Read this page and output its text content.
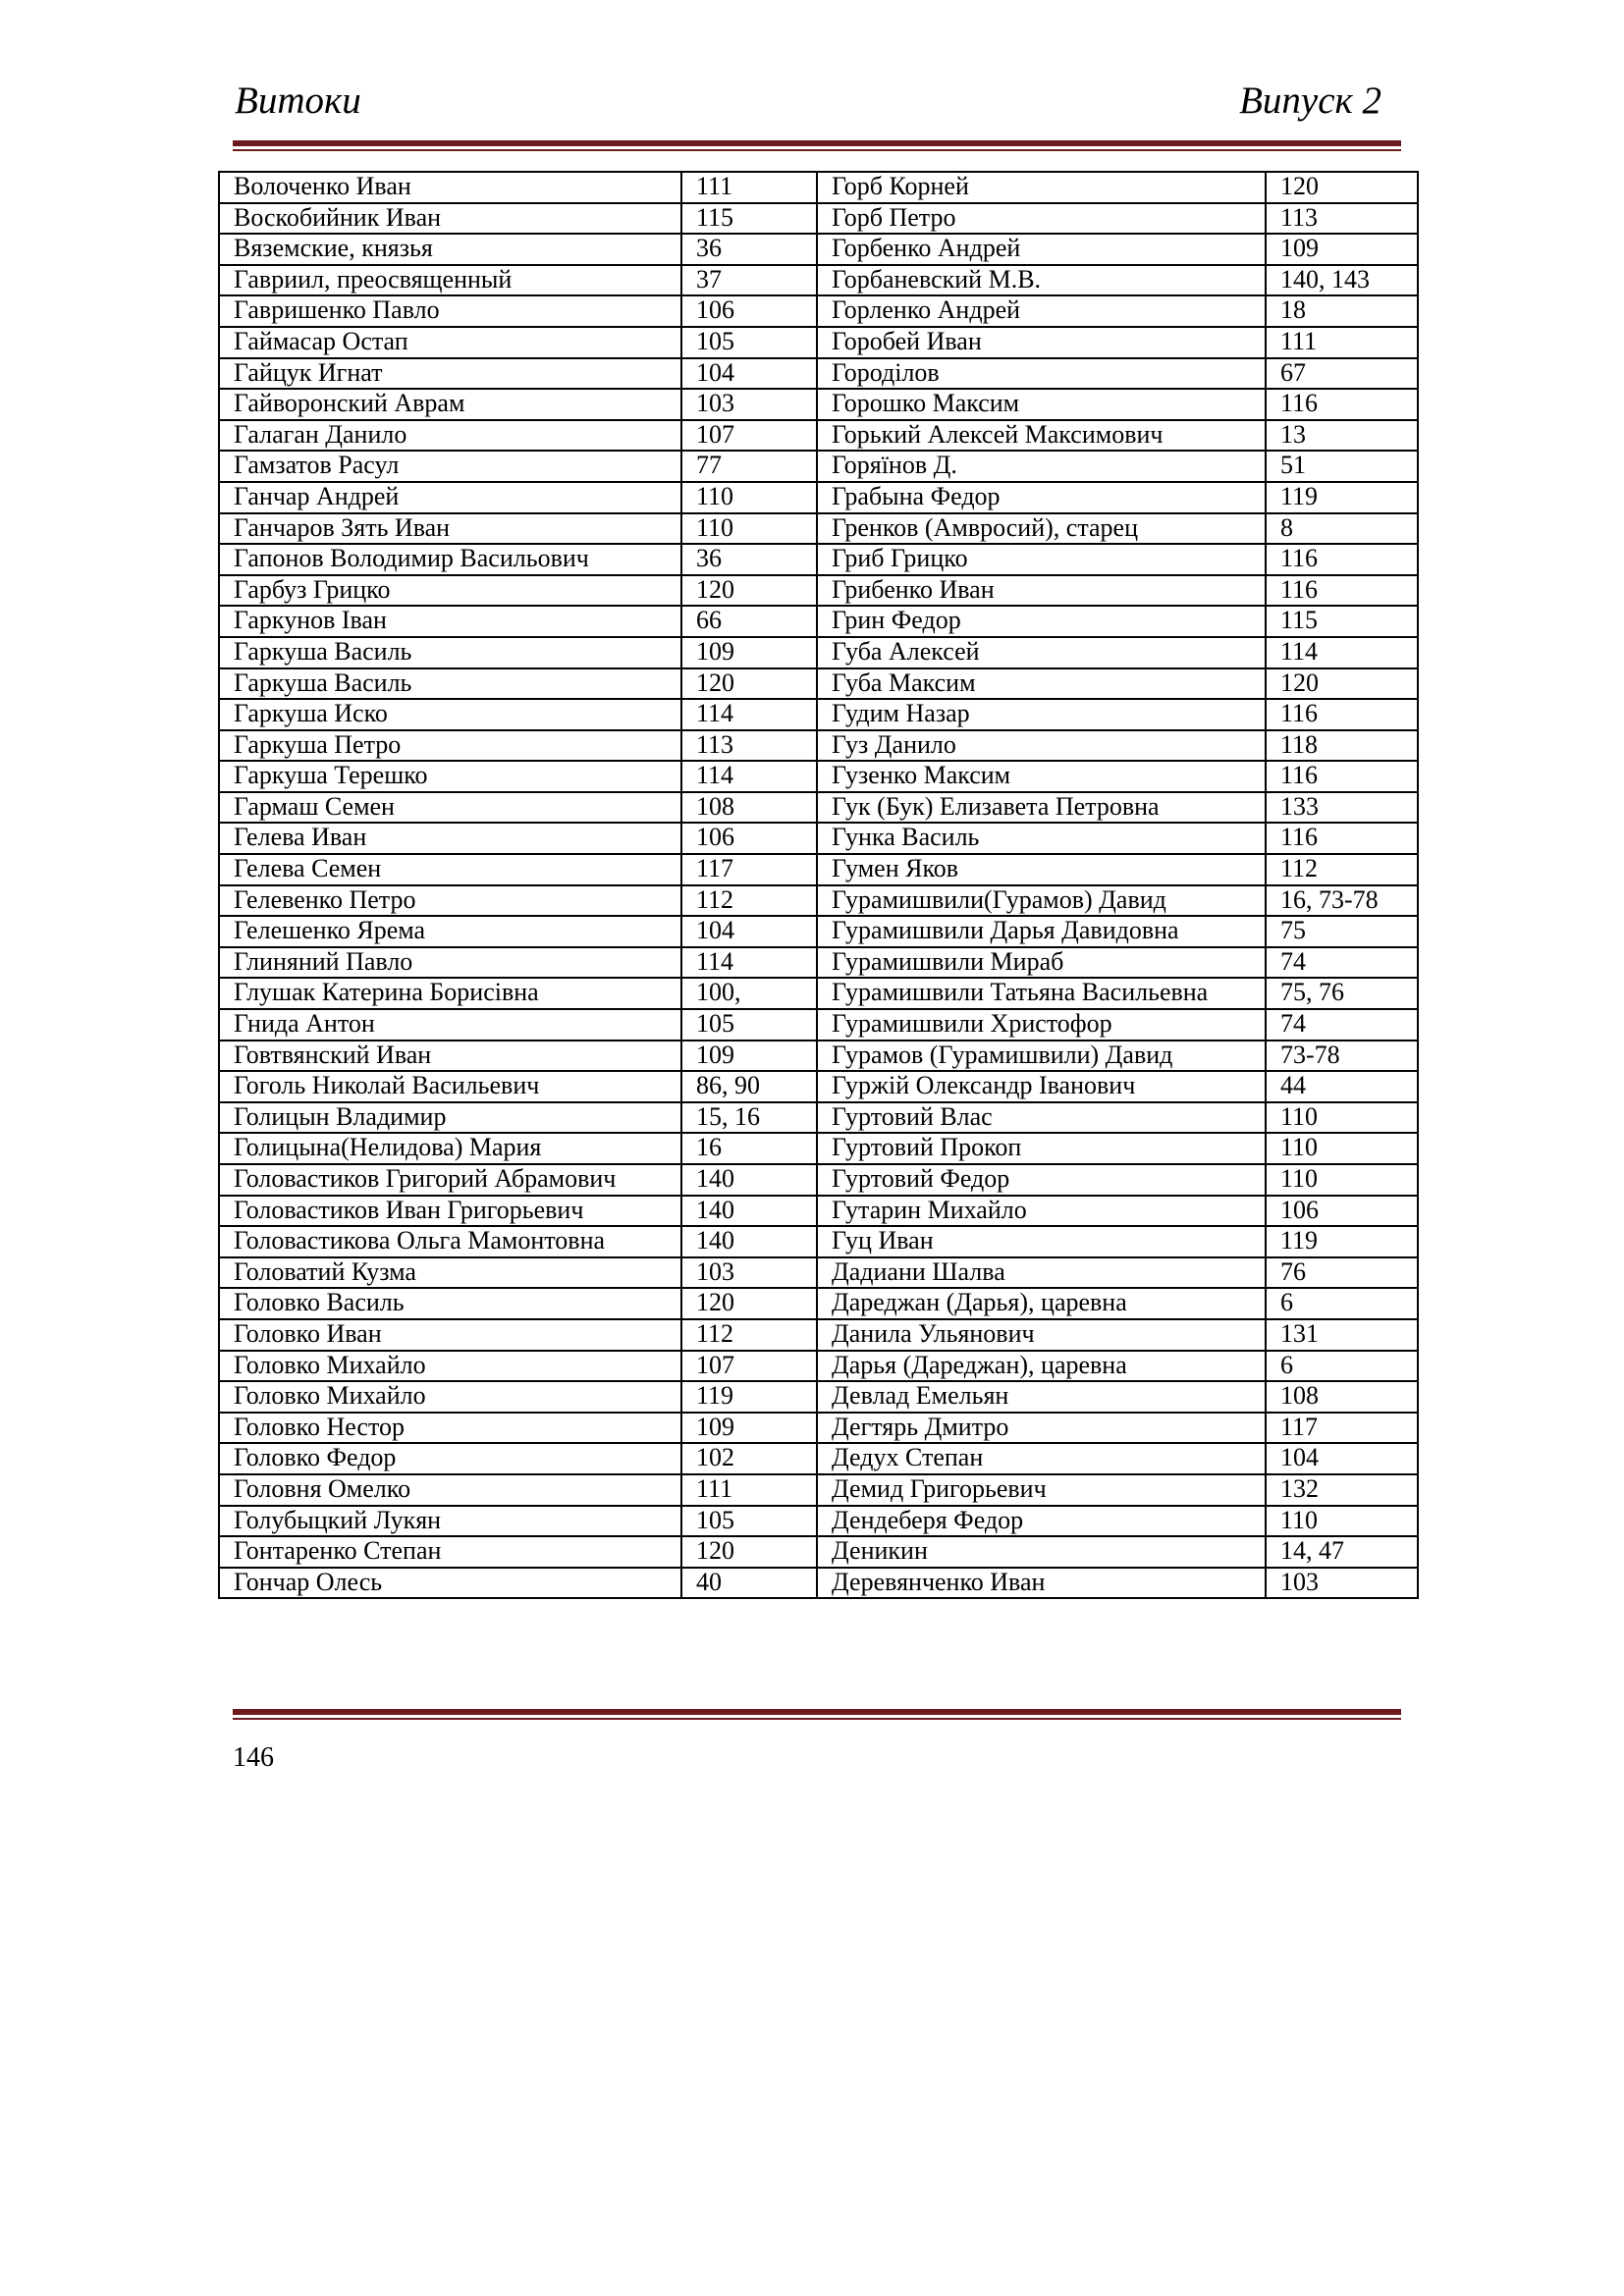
Витоки	Випуск 2
Волоченко Иван	111	Горб Корней	120
Воскобийник Иван	115	Горб Петро	113
Вяземские, князья	36	Горбенко Андрей	109
Гавриил, преосвященный	37	Горбаневский М.В.	140, 143
Гавришенко Павло	106	Горленко Андрей	18
Гаймасар Остап	105	Горобей Иван	111
Гайцук Игнат	104	Городілов	67
Гайворонский Аврам	103	Горошко Максим	116
Галаган Данило	107	Горький Алексей Максимович	13
Гамзатов Расул	77	Горяїнов Д.	51
Ганчар Андрей	110	Грабына Федор	119
Ганчаров Зять Иван	110	Гренков (Амвросий), старец	8
Гапонов Володимир Васильович	36	Гриб Грицко	116
Гарбуз Грицко	120	Грибенко Иван	116
Гаркунов Іван	66	Грин Федор	115
Гаркуша Василь	109	Губа Алексей	114
Гаркуша Василь	120	Губа Максим	120
Гаркуша Иско	114	Гудим Назар	116
Гаркуша Петро	113	Гуз Данило	118
Гаркуша Терешко	114	Гузенко Максим	116
Гармаш Семен	108	Гук (Бук) Елизавета Петровна	133
Гелева Иван	106	Гунка Василь	116
Гелева Семен	117	Гумен Яков	112
Гелевенко Петро	112	Гурамишвили(Гурамов) Давид	16, 73-78
Гелешенко Ярема	104	Гурамишвили Дарья Давидовна	75
Глиняний Павло	114	Гурамишвили Мираб	74
Глушак Катерина Борисівна	100,	Гурамишвили Татьяна Васильевна	75, 76
Гнида Антон	105	Гурамишвили Христофор	74
Говтвянский Иван	109	Гурамов (Гурамишвили) Давид	73-78
Гоголь Николай Васильевич	86, 90	Гуржій Олександр Іванович	44
Голицын Владимир	15, 16	Гуртовий Влас	110
Голицына(Нелидова) Мария	16	Гуртовий Прокоп	110
Головастиков Григорий Абрамович	140	Гуртовий Федор	110
Головастиков Иван Григорьевич	140	Гутарин Михайло	106
Головастикова Ольга Мамонтовна	140	Гуц Иван	119
Головатий Кузма	103	Дадиани Шалва	76
Головко Василь	120	Дареджан (Дарья), царевна	6
Головко Иван	112	Данила Ульянович	131
Головко Михайло	107	Дарья (Дареджан), царевна	6
Головко Михайло	119	Девлад Емельян	108
Головко Нестор	109	Дегтярь Дмитро	117
Головко Федор	102	Дедух Степан	104
Головня Омелко	111	Демид Григорьевич	132
Голубыцкий Лукян	105	Дендеберя Федор	110
Гонтаренко Степан	120	Деникин	14, 47
Гончар Олесь	40	Деревянченко Иван	103
146
